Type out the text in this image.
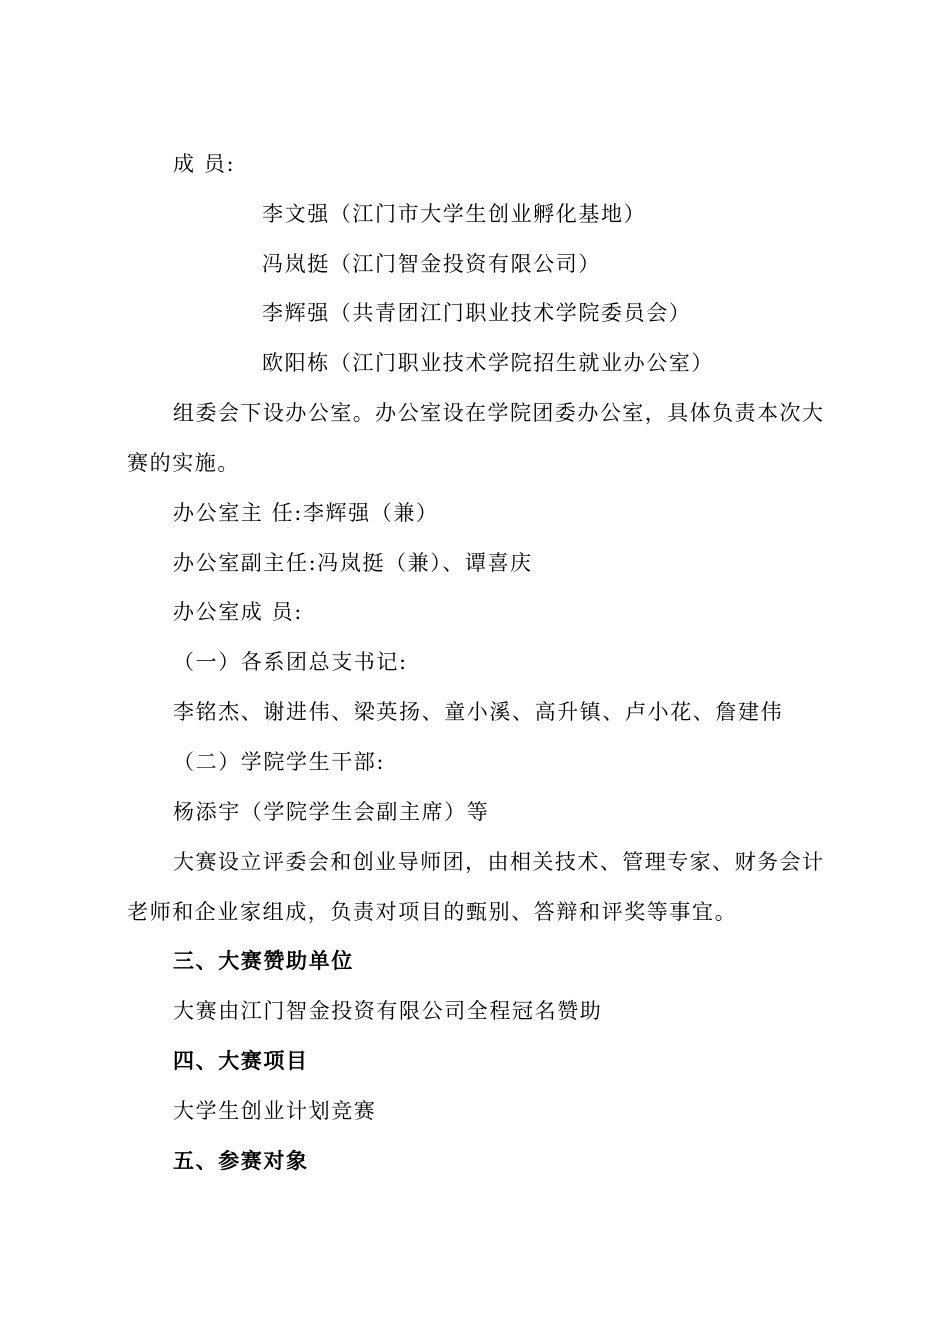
成 员:
李文强（江门市大学生创业孵化基地）
冯岚挺（江门智金投资有限公司）
李辉强（共青团江门职业技术学院委员会）
欧阳栋（江门职业技术学院招生就业办公室）
组委会下设办公室。办公室设在学院团委办公室，具体负责本次大
赛的实施。
办公室主 任:李辉强（兼）
办公室副主任:冯岚挺（兼）、谭喜庆
办公室成 员:
（一）各系团总支书记:
李铭杰、谢进伟、梁英扬、童小溪、高升镇、卢小花、詹建伟
（二）学院学生干部:
杨添宇（学院学生会副主席）等
大赛设立评委会和创业导师团，由相关技术、管理专家、财务会计
老师和企业家组成，负责对项目的甄别、答辩和评奖等事宜。
三、大赛赞助单位
大赛由江门智金投资有限公司全程冠名赞助
四、大赛项目
大学生创业计划竞赛
五、参赛对象
